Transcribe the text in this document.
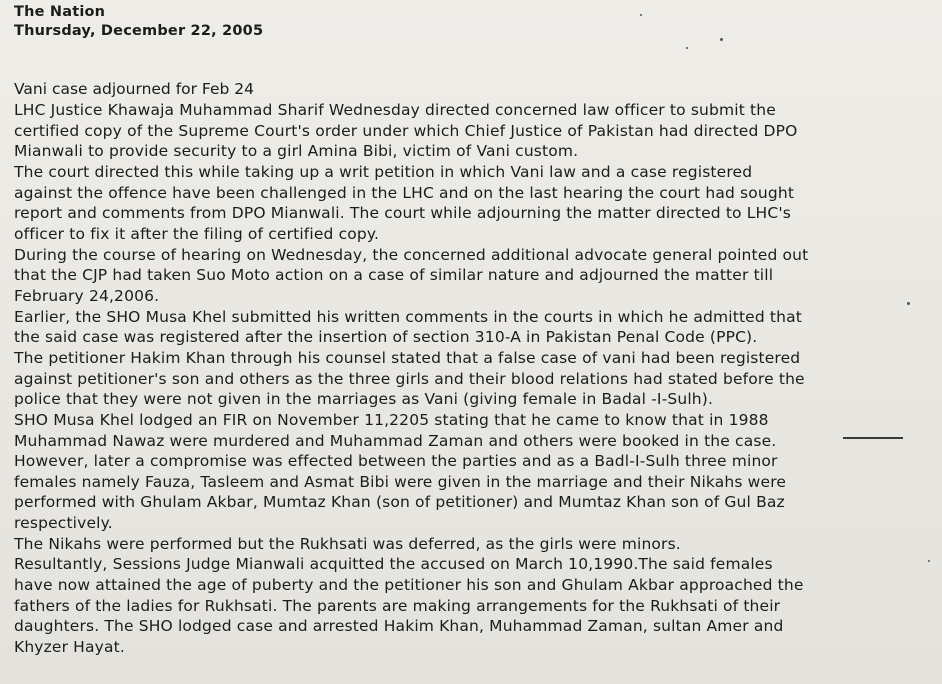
The Nation
Thursday, December 22, 2005
Vani case adjourned for Feb 24
LHC Justice Khawaja Muhammad Sharif Wednesday directed concerned law officer to submit the
certified copy of the Supreme Court's order under which Chief Justice of Pakistan had directed DPO
Mianwali to provide security to a girl Amina Bibi, victim of Vani custom.
The court directed this while taking up a writ petition in which Vani law and a case registered
against the offence have been challenged in the LHC and on the last hearing the court had sought
report and comments from DPO Mianwali. The court while adjourning the matter directed to LHC's
officer to fix it after the filing of certified copy.
During the course of hearing on Wednesday, the concerned additional advocate general pointed out
that the CJP had taken Suo Moto action on a case of similar nature and adjourned the matter till
February 24,2006.
Earlier, the SHO Musa Khel submitted his written comments in the courts in which he admitted that
the said case was registered after the insertion of section 310-A in Pakistan Penal Code (PPC).
The petitioner Hakim Khan through his counsel stated that a false case of vani had been registered
against petitioner's son and others as the three girls and their blood relations had stated before the
police that they were not given in the marriages as Vani (giving female in Badal -I-Sulh).
SHO Musa Khel lodged an FIR on November 11,2205 stating that he came to know that in 1988
Muhammad Nawaz were murdered and Muhammad Zaman and others were booked in the case.
However, later a compromise was effected between the parties and as a Badl-I-Sulh three minor
females namely Fauza, Tasleem and Asmat Bibi were given in the marriage and their Nikahs were
performed with Ghulam Akbar, Mumtaz Khan (son of petitioner) and Mumtaz Khan son of Gul Baz
respectively.
The Nikahs were performed but the Rukhsati was deferred, as the girls were minors.
Resultantly, Sessions Judge Mianwali acquitted the accused on March 10,1990.The said females
have now attained the age of puberty and the petitioner his son and Ghulam Akbar approached the
fathers of the ladies for Rukhsati. The parents are making arrangements for the Rukhsati of their
daughters. The SHO lodged case and arrested Hakim Khan, Muhammad Zaman, sultan Amer and
Khyzer Hayat.
